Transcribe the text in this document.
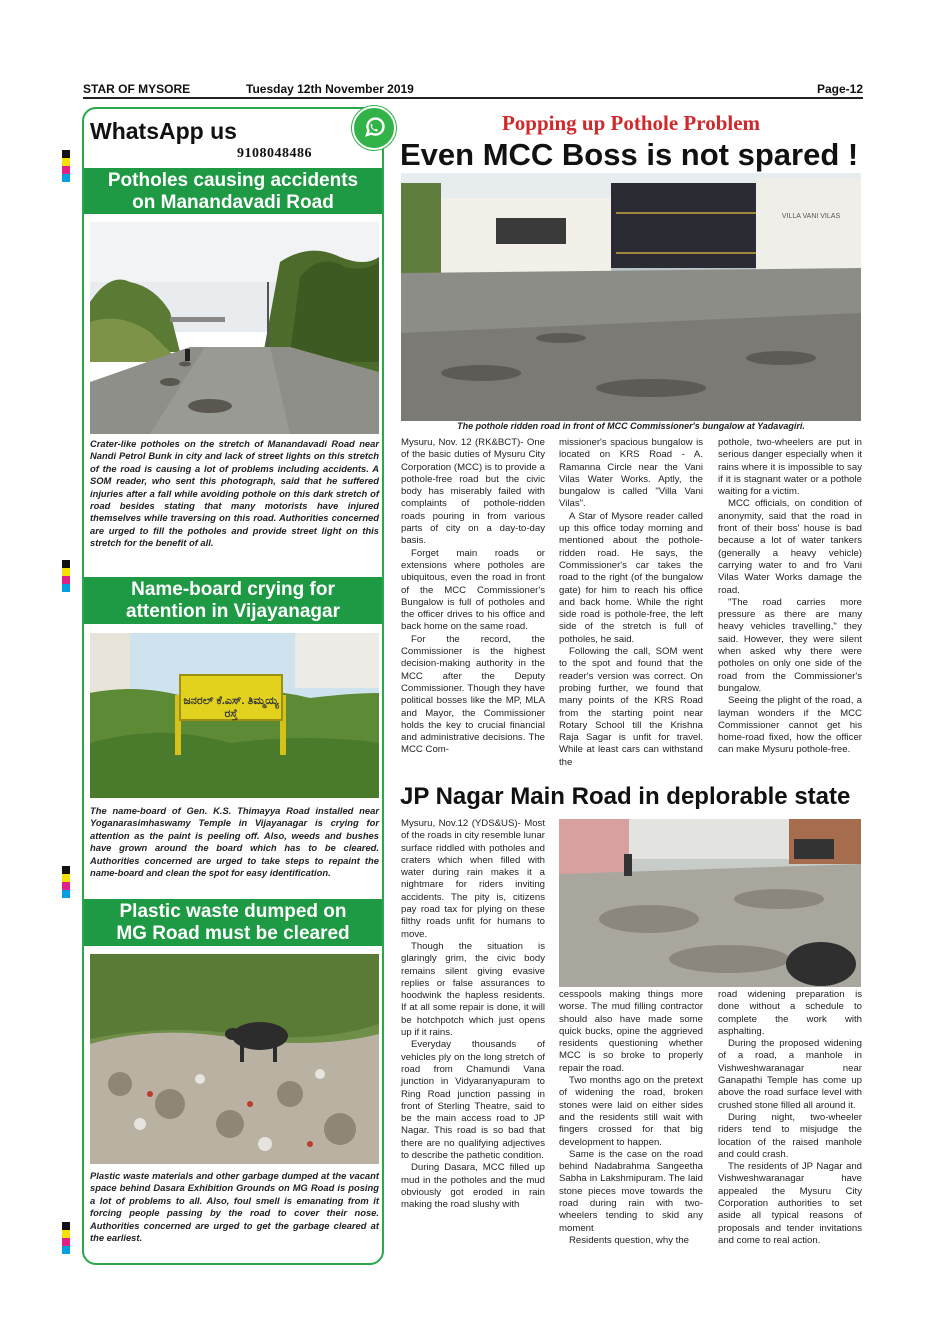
STAR OF MYSORE	Tuesday 12th November 2019	Page-12
WhatsApp us
9108048486
Potholes causing accidents
on Manandavadi Road
Crater-like potholes on the stretch of Manandavadi Road near Nandi Petrol Bunk in city and lack of street lights on this stretch of the road is causing a lot of problems including accidents. A SOM reader, who sent this photograph, said that he suffered injuries after a fall while avoiding pothole on this dark stretch of road besides stating that many motorists have injured themselves while traversing on this road. Authorities concerned are urged to fill the potholes and provide street light on this stretch for the benefit of all.
Name-board crying for
attention in Vijayanagar
ಜನರಲ್ ಕೆ.ಎಸ್. ತಿಮ್ಮಯ್ಯ ರಸ್ತೆ
The name-board of Gen. K.S. Thimayya Road installed near Yoganarasimhaswamy Temple in Vijayanagar is crying for attention as the paint is peeling off. Also, weeds and bushes have grown around the board which has to be cleared. Authorities concerned are urged to take steps to repaint the name-board and clean the spot for easy identification.
Plastic waste dumped on
MG Road must be cleared
Plastic waste materials and other garbage dumped at the vacant space behind Dasara Exhibition Grounds on MG Road is posing a lot of problems to all. Also, foul smell is emanating from it forcing people passing by the road to cover their nose. Authorities concerned are urged to get the garbage cleared at the earliest.
Popping up Pothole Problem
Even MCC Boss is not spared !
VILLA VANI VILAS
The pothole ridden road in front of MCC Commissioner's bungalow at Yadavagiri.

Mysuru, Nov. 12 (RK&BCT)- One of the basic duties of Mysuru City Corporation (MCC) is to provide a pothole-free road but the civic body has miserably failed with complaints of pothole-ridden roads pouring in from various parts of city on a day-to-day basis.

Forget main roads or extensions where potholes are ubiquitous, even the road in front of the MCC Commissioner's Bungalow is full of potholes and the officer drives to his office and back home on the same road.

For the record, the Commissioner is the highest decision-making authority in the MCC after the Deputy Commissioner. Though they have political bosses like the MP, MLA and Mayor, the Commissioner holds the key to crucial financial and administrative decisions. The MCC Com-

missioner's spacious bungalow is located on KRS Road - A. Ramanna Circle near the Vani Vilas Water Works. Aptly, the bungalow is called "Villa Vani Vilas".

A Star of Mysore reader called up this office today morning and mentioned about the pothole-ridden road. He says, the Commissioner's car takes the road to the right (of the bungalow gate) for him to reach his office and back home. While the right side road is pothole-free, the left side of the stretch is full of potholes, he said.

Following the call, SOM went to the spot and found that the reader's version was correct. On probing further, we found that many points of the KRS Road from the starting point near Rotary School till the Krishna Raja Sagar is unfit for travel. While at least cars can withstand the

pothole, two-wheelers are put in serious danger especially when it rains where it is impossible to say if it is stagnant water or a pothole waiting for a victim.

MCC officials, on condition of anonymity, said that the road in front of their boss' house is bad because a lot of water tankers (generally a heavy vehicle) carrying water to and fro Vani Vilas Water Works damage the road.

"The road carries more pressure as there are many heavy vehicles travelling," they said. However, they were silent when asked why there were potholes on only one side of the road from the Commissioner's bungalow.

Seeing the plight of the road, a layman wonders if the MCC Commissioner cannot get his home-road fixed, how the officer can make Mysuru pothole-free.

JP Nagar Main Road in deplorable state

Mysuru, Nov.12 (YDS&US)- Most of the roads in city resemble lunar surface riddled with potholes and craters which when filled with water during rain makes it a nightmare for riders inviting accidents. The pity is, citizens pay road tax for plying on these filthy roads unfit for humans to move.

Though the situation is glaringly grim, the civic body remains silent giving evasive replies or false assurances to hoodwink the hapless residents. If at all some repair is done, it will be hotchpotch which just opens up if it rains.

Everyday thousands of vehicles ply on the long stretch of road from Chamundi Vana junction in Vidyaranyapuram to Ring Road junction passing in front of Sterling Theatre, said to be the main access road to JP Nagar. This road is so bad that there are no qualifying adjectives to describe the pathetic condition.

During Dasara, MCC filled up mud in the potholes and the mud obviously got eroded in rain making the road slushy with

cesspools making things more worse. The mud filling contractor should also have made some quick bucks, opine the aggrieved residents questioning whether MCC is so broke to properly repair the road.

Two months ago on the pretext of widening the road, broken stones were laid on either sides and the residents still wait with fingers crossed for that big development to happen.

Same is the case on the road behind Nadabrahma Sangeetha Sabha in Lakshmipuram. The laid stone pieces move towards the road during rain with two-wheelers tending to skid any moment

Residents question, why the

road widening preparation is done without a schedule to complete the work with asphalting.

During the proposed widening of a road, a manhole in Vishweshwaranagar near Ganapathi Temple has come up above the road surface level with crushed stone filled all around it.

During night, two-wheeler riders tend to misjudge the location of the raised manhole and could crash.

The residents of JP Nagar and Vishweshwaranagar have appealed the Mysuru City Corporation authorities to set aside all typical reasons of proposals and tender invitations and come to real action.
